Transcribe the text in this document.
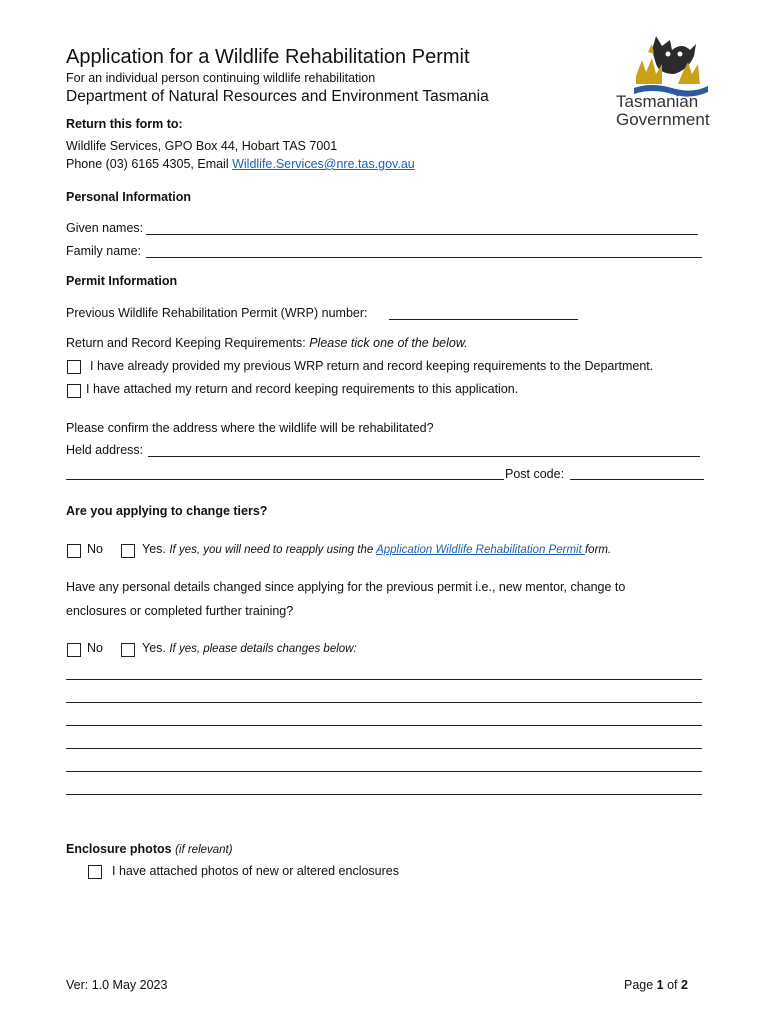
Application for a Wildlife Rehabilitation Permit
For an individual person continuing wildlife rehabilitation
Department of Natural Resources and Environment Tasmania	Tasmanian
Government
Return this form to:
Wildlife Services, GPO Box 44, Hobart TAS 7001
Phone (03) 6165 4305, Email Wildlife.Services@nre.tas.gov.au
Personal Information
Given names:
Family name:
Permit Information
Previous Wildlife Rehabilitation Permit (WRP) number:
Return and Record Keeping Requirements: Please tick one of the below.
I have already provided my previous WRP return and record keeping requirements to the Department.
I have attached my return and record keeping requirements to this application.
Please confirm the address where the wildlife will be rehabilitated?
Held address:
Post code:
Are you applying to change tiers?
No	Yes. If yes, you will need to reapply using the Application Wildlife Rehabilitation Permit form.
Have any personal details changed since applying for the previous permit i.e., new mentor, change to
enclosures or completed further training?
No	Yes. If yes, please details changes below:
Enclosure photos (if relevant)
I have attached photos of new or altered enclosures
Ver: 1.0 May 2023	Page 1 of 2
